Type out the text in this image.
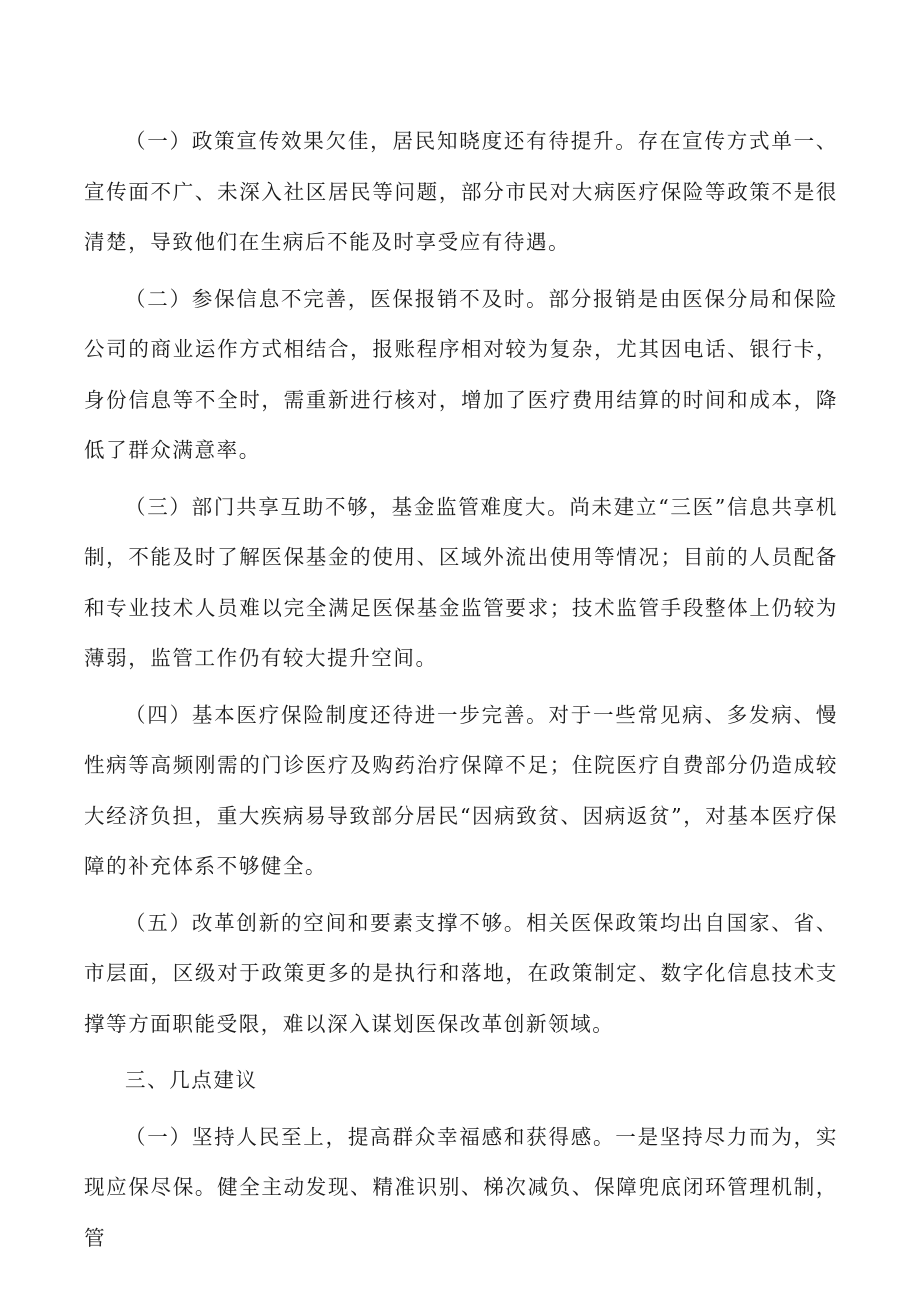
（一）政策宣传效果欠佳，居民知晓度还有待提升。存在宣传方式单一、宣传面不广、未深入社区居民等问题，部分市民对大病医疗保险等政策不是很清楚，导致他们在生病后不能及时享受应有待遇。

（二）参保信息不完善，医保报销不及时。部分报销是由医保分局和保险公司的商业运作方式相结合，报账程序相对较为复杂，尤其因电话、银行卡，身份信息等不全时，需重新进行核对，增加了医疗费用结算的时间和成本，降低了群众满意率。

（三）部门共享互助不够，基金监管难度大。尚未建立“三医”信息共享机制，不能及时了解医保基金的使用、区域外流出使用等情况；目前的人员配备和专业技术人员难以完全满足医保基金监管要求；技术监管手段整体上仍较为薄弱，监管工作仍有较大提升空间。

（四）基本医疗保险制度还待进一步完善。对于一些常见病、多发病、慢性病等高频刚需的门诊医疗及购药治疗保障不足；住院医疗自费部分仍造成较大经济负担，重大疾病易导致部分居民“因病致贫、因病返贫”，对基本医疗保障的补充体系不够健全。

（五）改革创新的空间和要素支撑不够。相关医保政策均出自国家、省、市层面，区级对于政策更多的是执行和落地，在政策制定、数字化信息技术支撑等方面职能受限，难以深入谋划医保改革创新领域。

三、几点建议

（一）坚持人民至上，提高群众幸福感和获得感。一是坚持尽力而为，实现应保尽保。健全主动发现、精准识别、梯次减负、保障兜底闭环管理机制，管
